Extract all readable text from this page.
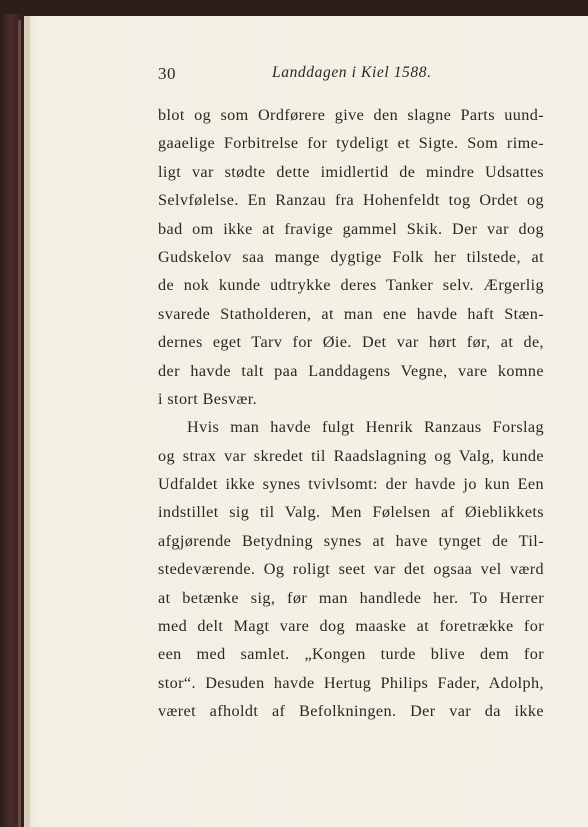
30	Landdagen i Kiel 1588.
blot og som Ordførere give den slagne Parts uund-
gaaelige Forbitrelse for tydeligt et Sigte. Som rime-
ligt var stødte dette imidlertid de mindre Udsattes
Selvfølelse. En Ranzau fra Hohenfeldt tog Ordet og
bad om ikke at fravige gammel Skik. Der var dog
Gudskelov saa mange dygtige Folk her tilstede, at
de nok kunde udtrykke deres Tanker selv. Ærgerlig
svarede Statholderen, at man ene havde haft Stæn-
dernes eget Tarv for Øie. Det var hørt før, at de,
der havde talt paa Landdagens Vegne, vare komne
i stort Besvær.
Hvis man havde fulgt Henrik Ranzaus Forslag
og strax var skredet til Raadslagning og Valg, kunde
Udfaldet ikke synes tvivlsomt: der havde jo kun Een
indstillet sig til Valg. Men Følelsen af Øieblikkets
afgjørende Betydning synes at have tynget de Til-
stedeværende. Og roligt seet var det ogsaa vel værd
at betænke sig, før man handlede her. To Herrer
med delt Magt vare dog maaske at foretrække for
een med samlet. „Kongen turde blive dem for
stor“. Desuden havde Hertug Philips Fader, Adolph,
været afholdt af Befolkningen. Der var da ikke
